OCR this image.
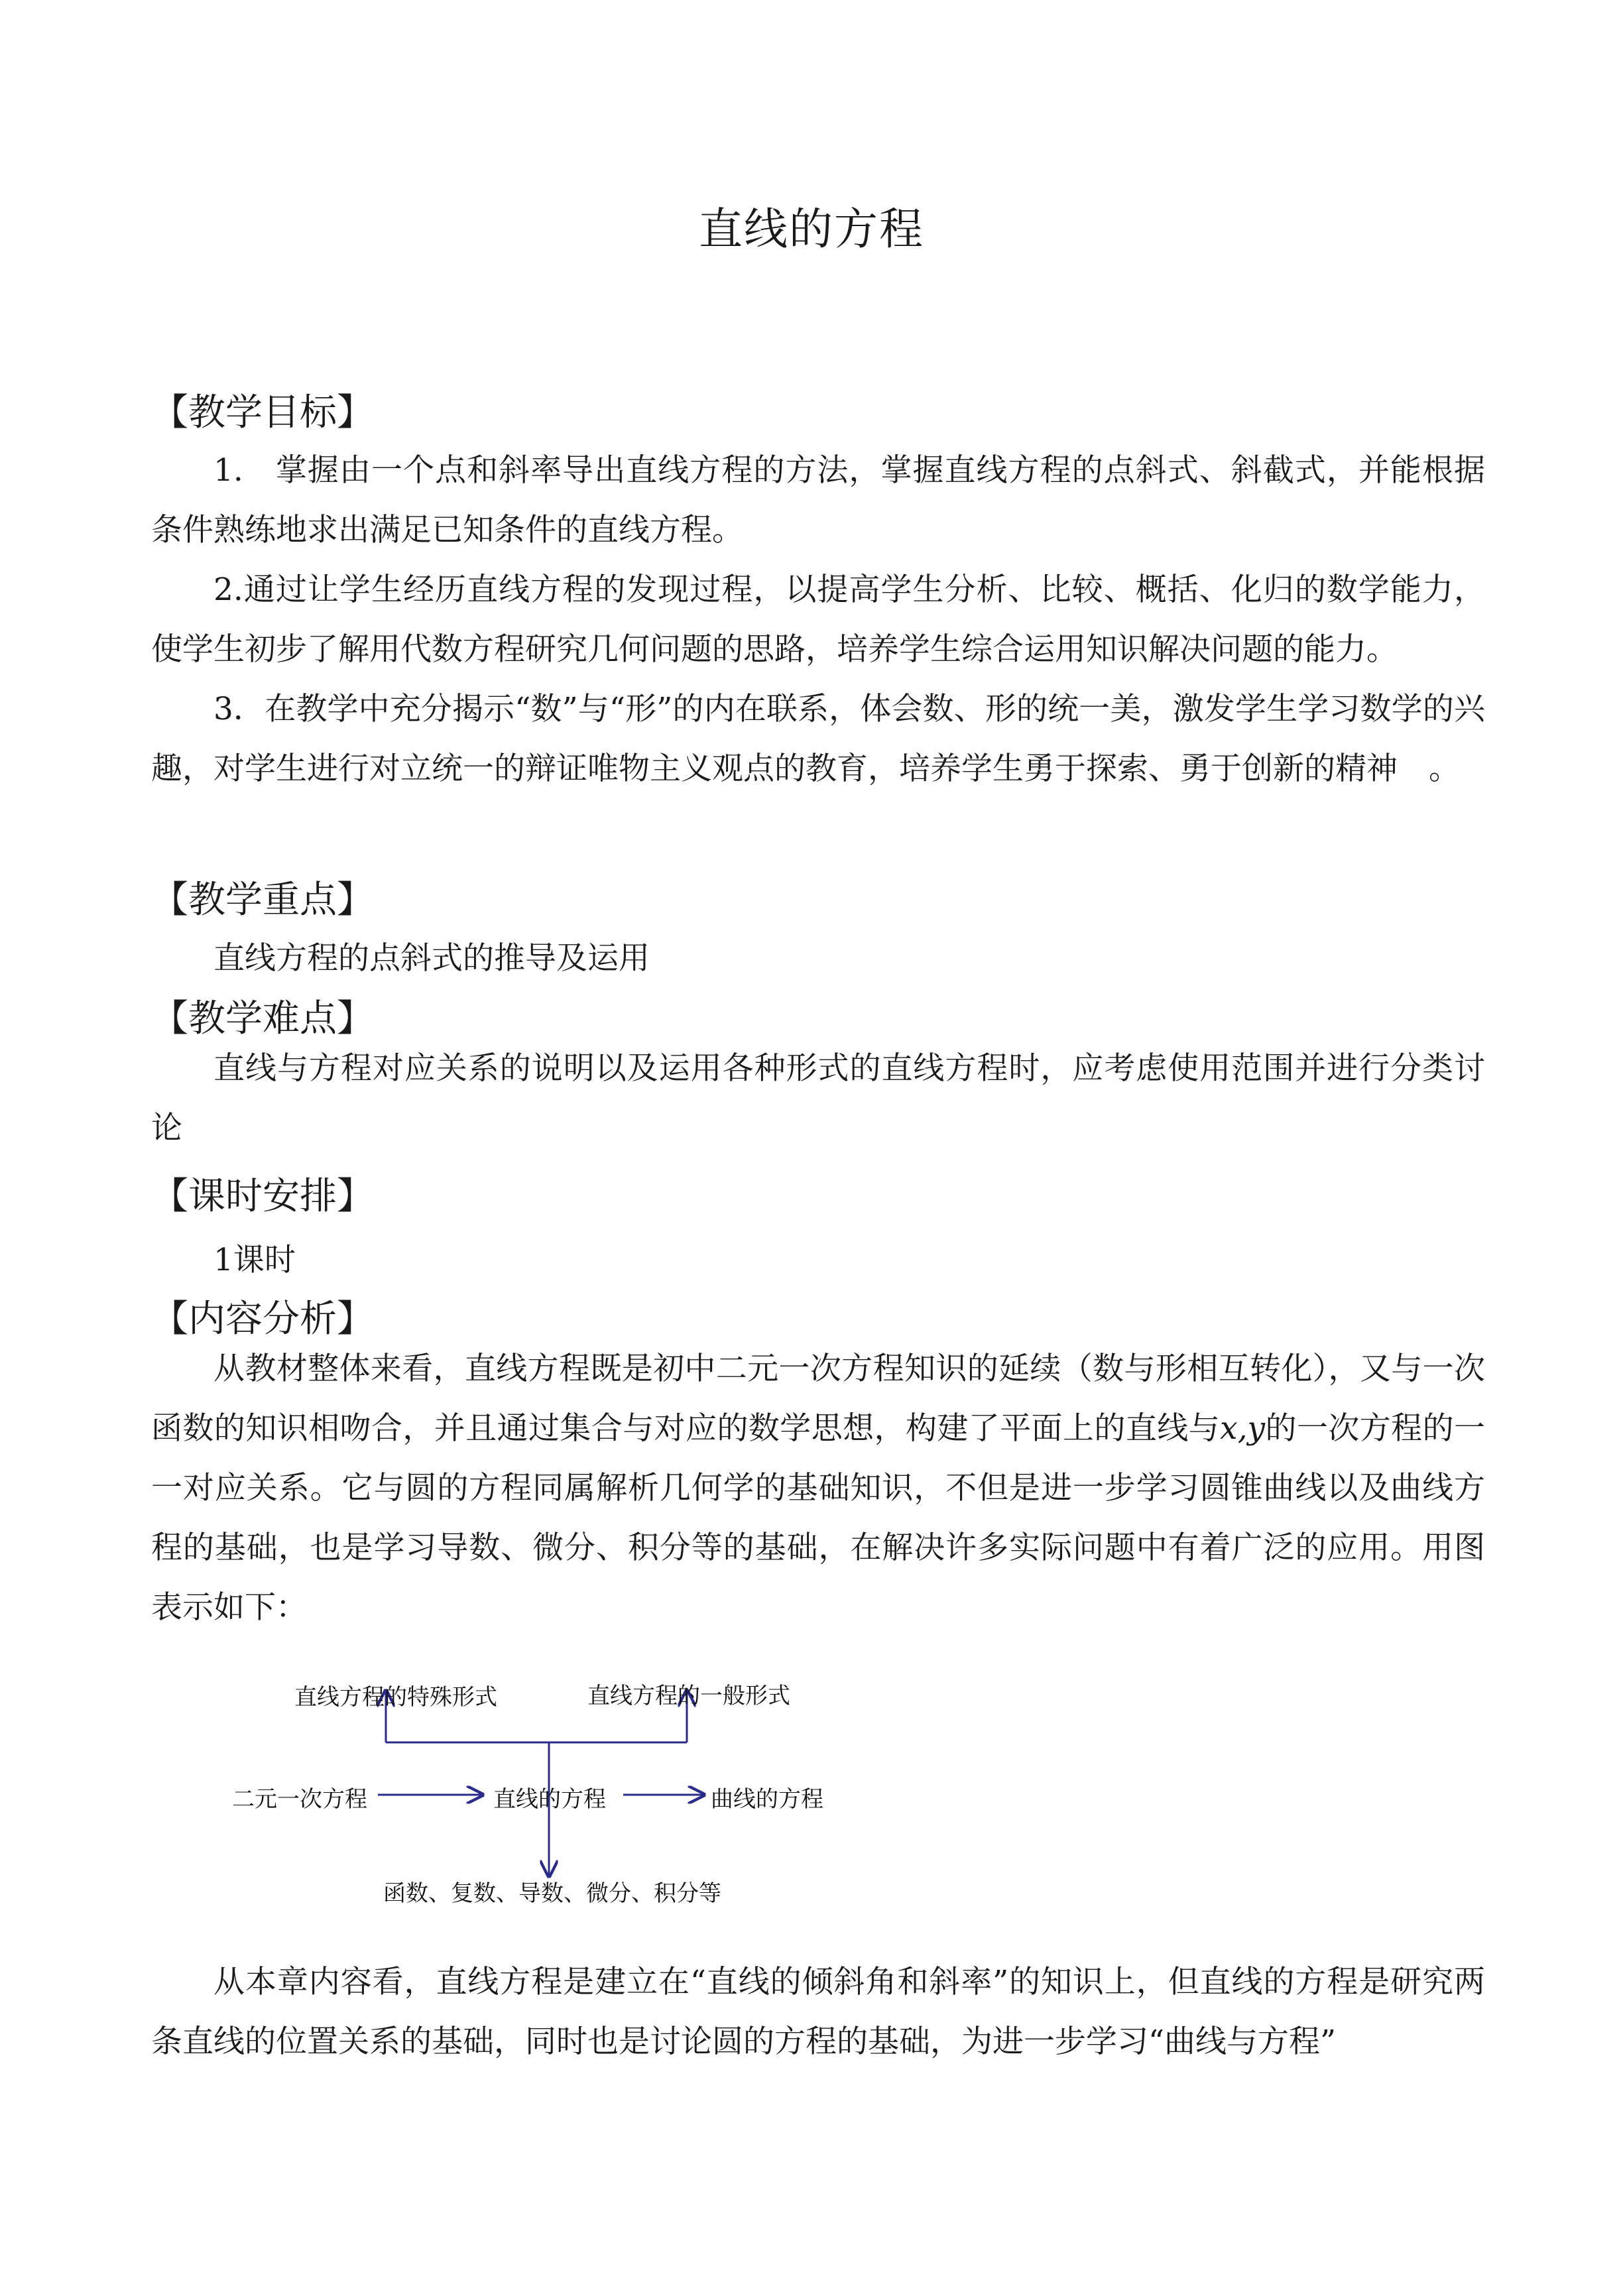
直线的方程
【教学目标】

1.　掌握由一个点和斜率导出直线方程的方法，掌握直线方程的点斜式、斜截式，并能根据条件熟练地求出满足已知条件的直线方程。

2.通过让学生经历直线方程的发现过程，以提高学生分析、比较、概括、化归的数学能力，使学生初步了解用代数方程研究几何问题的思路，培养学生综合运用知识解决问题的能力。

3．在教学中充分揭示“数”与“形”的内在联系，体会数、形的统一美，激发学生学习数学的兴趣，对学生进行对立统一的辩证唯物主义观点的教育，培养学生勇于探索、勇于创新的精神　。

【教学重点】
直线方程的点斜式的推导及运用
【教学难点】

直线与方程对应关系的说明以及运用各种形式的直线方程时，应考虑使用范围并进行分类讨论

【课时安排】
1课时
【内容分析】

从教材整体来看，直线方程既是初中二元一次方程知识的延续（数与形相互转化），又与一次函数的知识相吻合，并且通过集合与对应的数学思想，构建了平面上的直线与x,y的一次方程的一一对应关系。它与圆的方程同属解析几何学的基础知识，不但是进一步学习圆锥曲线以及曲线方程的基础，也是学习导数、微分、积分等的基础，在解决许多实际问题中有着广泛的应用。用图表示如下：

直线方程的特殊形式	直线方程的一般形式
二元一次方程	直线的方程	曲线的方程
函数、复数、导数、微分、积分等

从本章内容看，直线方程是建立在“直线的倾斜角和斜率”的知识上，但直线的方程是研究两条直线的位置关系的基础，同时也是讨论圆的方程的基础，为进一步学习“曲线与方程”
